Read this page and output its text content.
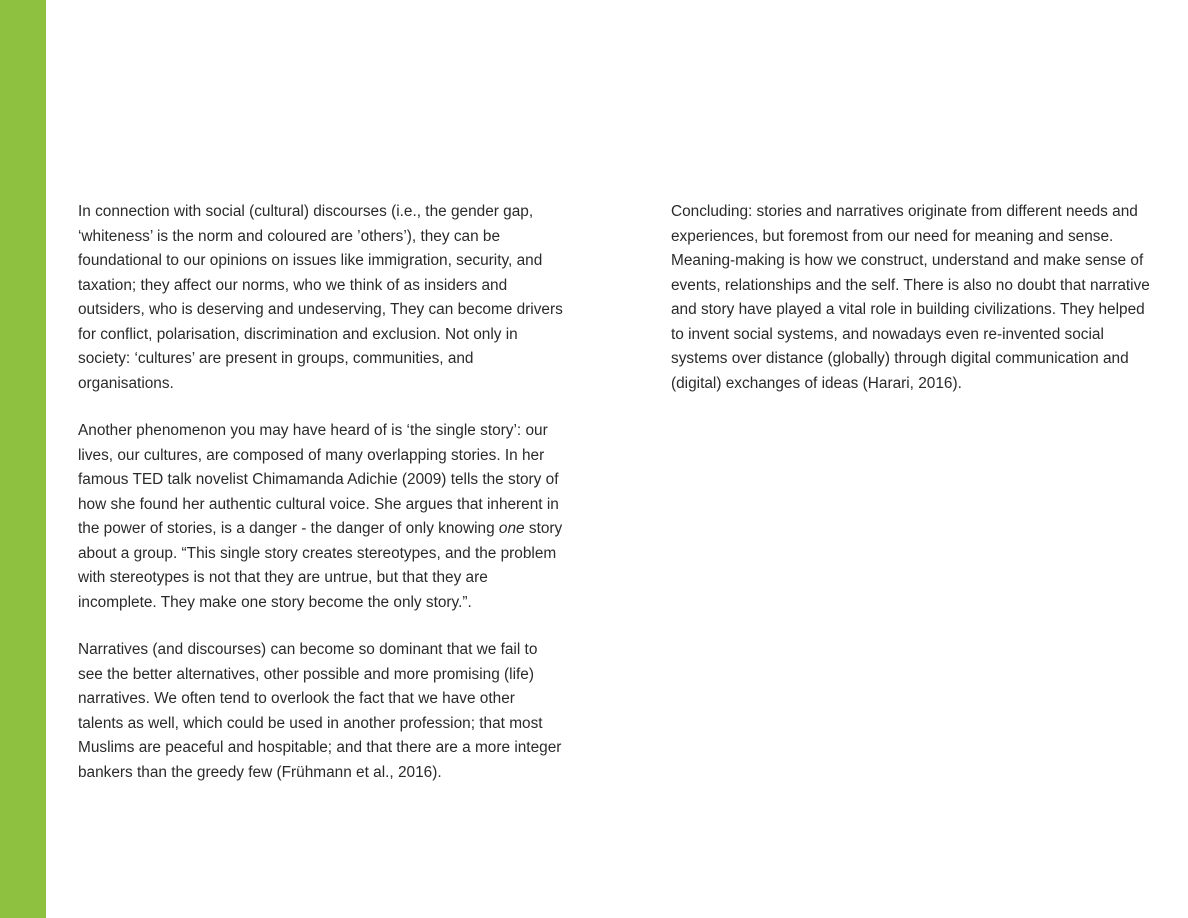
In connection with social (cultural) discourses (i.e., the gender gap, ‘whiteness’ is the norm and coloured are ’others’), they can be foundational to our opinions on issues like immigration, security, and taxation; they affect our norms, who we think of as insiders and outsiders, who is deserving and undeserving, They can become drivers for conflict, polarisation, discrimination and exclusion. Not only in society: ‘cultures’ are present in groups, communities, and organisations.

Another phenomenon you may have heard of is ‘the single story’: our lives, our cultures, are composed of many overlapping stories. In her famous TED talk novelist Chimamanda Adichie (2009) tells the story of how she found her authentic cultural voice. She argues that inherent in the power of stories, is a danger - the danger of only knowing one story about a group. “This single story creates stereotypes, and the problem with stereotypes is not that they are untrue, but that they are incomplete. They make one story become the only story.”.

Narratives (and discourses) can become so dominant that we fail to see the better alternatives, other possible and more promising (life) narratives. We often tend to overlook the fact that we have other talents as well, which could be used in another profession; that most Muslims are peaceful and hospitable; and that there are a more integer bankers than the greedy few (Frühmann et al., 2016).

Concluding: stories and narratives originate from different needs and experiences, but foremost from our need for meaning and sense. Meaning-making is how we construct, understand and make sense of events, relationships and the self. There is also no doubt that narrative and story have played a vital role in building civilizations. They helped to invent social systems, and nowadays even re-invented social systems over distance (globally) through digital communication and (digital) exchanges of ideas (Harari, 2016).
